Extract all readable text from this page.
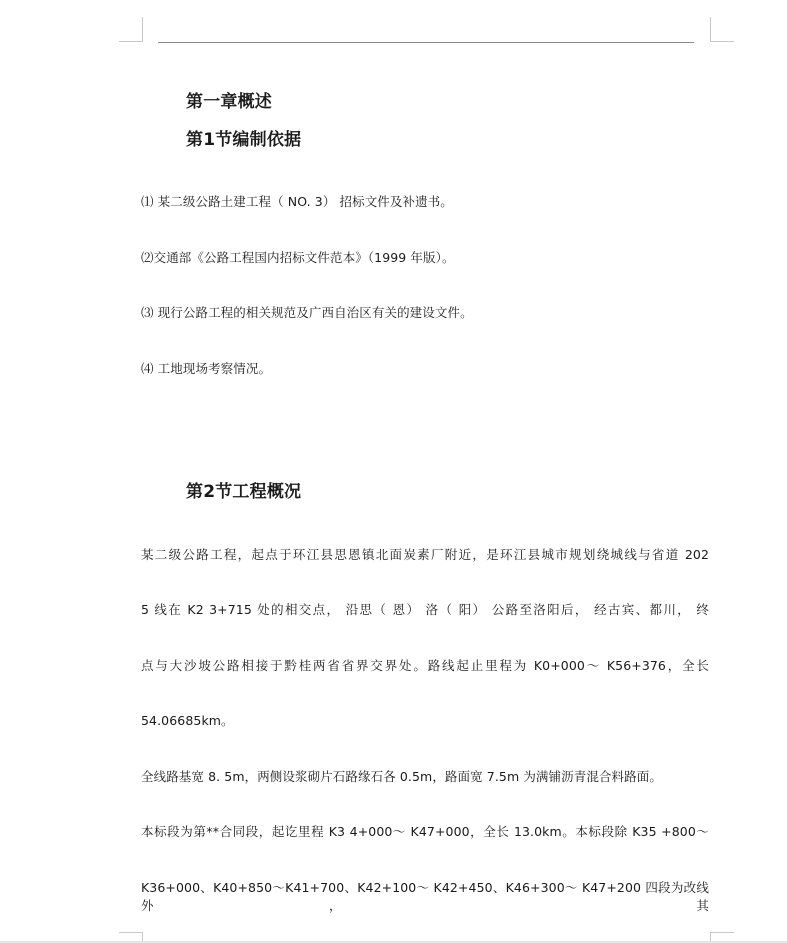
第一章概述
第1节编制依据
⑴ 某二级公路土建工程（ NO. 3） 招标文件及补遗书。
⑵交通部《公路工程国内招标文件范本》（1999 年版）。
⑶ 现行公路工程的相关规范及广西自治区有关的建设文件。
⑷ 工地现场考察情况。
第2节工程概况
某二级公路工程，起点于环江县思恩镇北面炭素厂附近，是环江县城市规划绕城线与省道 202
5 线在 K2 3+715 处的相交点， 沿思（ 恩） 洛（ 阳） 公路至洛阳后， 经古宾、都川， 终
点与大沙坡公路相接于黔桂两省省界交界处。路线起止里程为 K0+000～ K56+376，全长
54.06685km。
全线路基宽 8. 5m，两侧设浆砌片石路缘石各 0.5m，路面宽 7.5m 为满铺沥青混合料路面。
本标段为第**合同段，起讫里程 K3 4+000～ K47+000，全长 13.0km。本标段除 K35 +800～
K36+000、K40+850～K41+700、K42+100～ K42+450、K46+300～ K47+200 四段为改线外， 其
